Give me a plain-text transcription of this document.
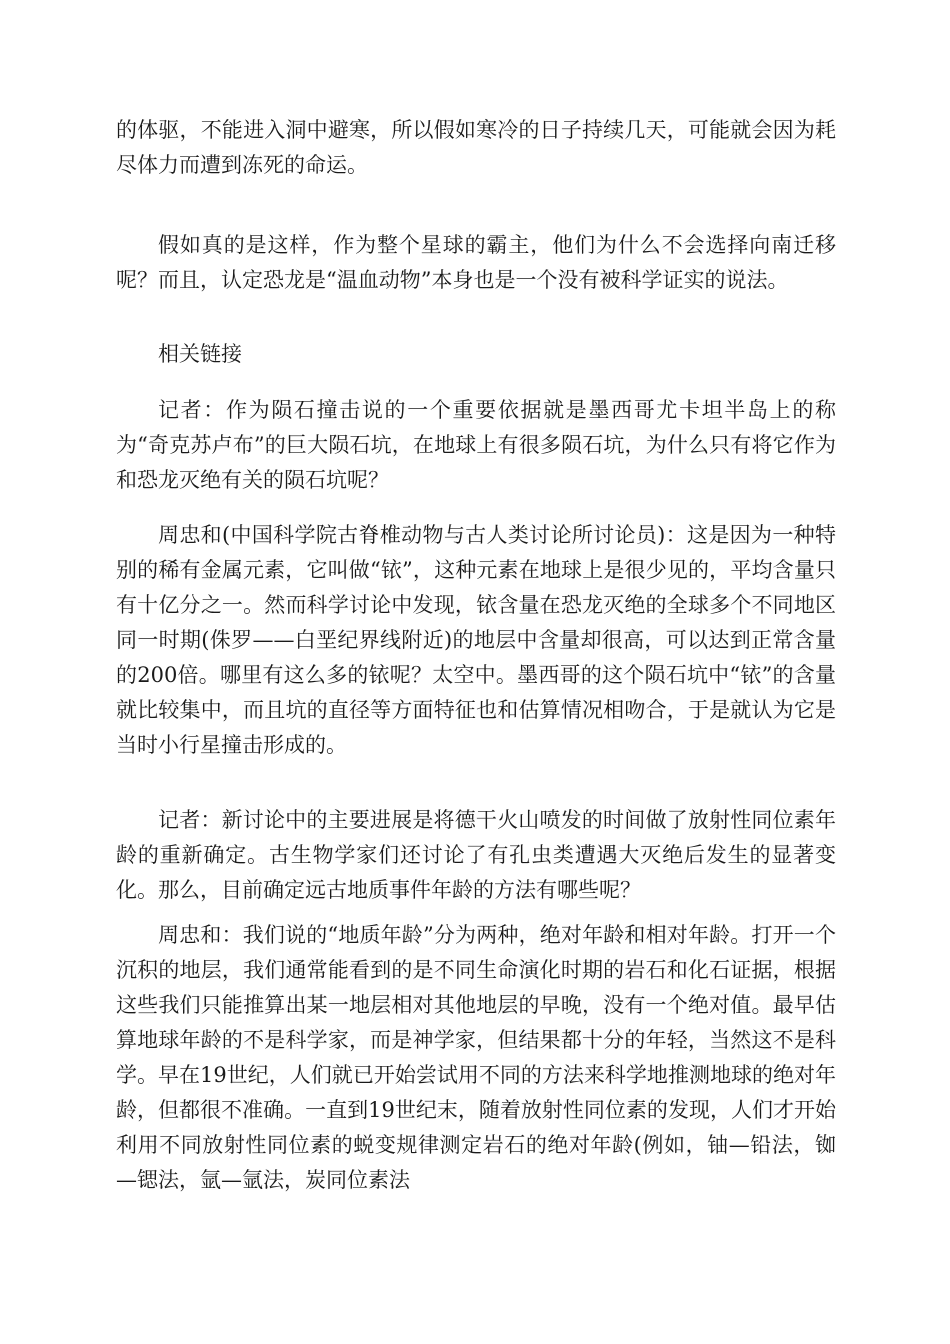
的体驱，不能进入洞中避寒，所以假如寒冷的日子持续几天，可能就会因为耗尽体力而遭到冻死的命运。

假如真的是这样，作为整个星球的霸主，他们为什么不会选择向南迁移呢？而且，认定恐龙是“温血动物”本身也是一个没有被科学证实的说法。

相关链接

记者：作为陨石撞击说的一个重要依据就是墨西哥尤卡坦半岛上的称为“奇克苏卢布”的巨大陨石坑，在地球上有很多陨石坑，为什么只有将它作为和恐龙灭绝有关的陨石坑呢？

周忠和(中国科学院古脊椎动物与古人类讨论所讨论员)：这是因为一种特别的稀有金属元素，它叫做“铱”，这种元素在地球上是很少见的，平均含量只有十亿分之一。然而科学讨论中发现，铱含量在恐龙灭绝的全球多个不同地区同一时期(侏罗——白垩纪界线附近)的地层中含量却很高，可以达到正常含量的200倍。哪里有这么多的铱呢？太空中。墨西哥的这个陨石坑中“铱”的含量就比较集中，而且坑的直径等方面特征也和估算情况相吻合，于是就认为它是当时小行星撞击形成的。

记者：新讨论中的主要进展是将德干火山喷发的时间做了放射性同位素年龄的重新确定。古生物学家们还讨论了有孔虫类遭遇大灭绝后发生的显著变化。那么，目前确定远古地质事件年龄的方法有哪些呢？

周忠和：我们说的“地质年龄”分为两种，绝对年龄和相对年龄。打开一个沉积的地层，我们通常能看到的是不同生命演化时期的岩石和化石证据，根据这些我们只能推算出某一地层相对其他地层的早晚，没有一个绝对值。最早估算地球年龄的不是科学家，而是神学家，但结果都十分的年轻，当然这不是科学。早在19世纪，人们就已开始尝试用不同的方法来科学地推测地球的绝对年龄，但都很不准确。一直到19世纪末，随着放射性同位素的发现，人们才开始利用不同放射性同位素的蜕变规律测定岩石的绝对年龄(例如，铀—铅法，铷—锶法，氩—氩法，炭同位素法
